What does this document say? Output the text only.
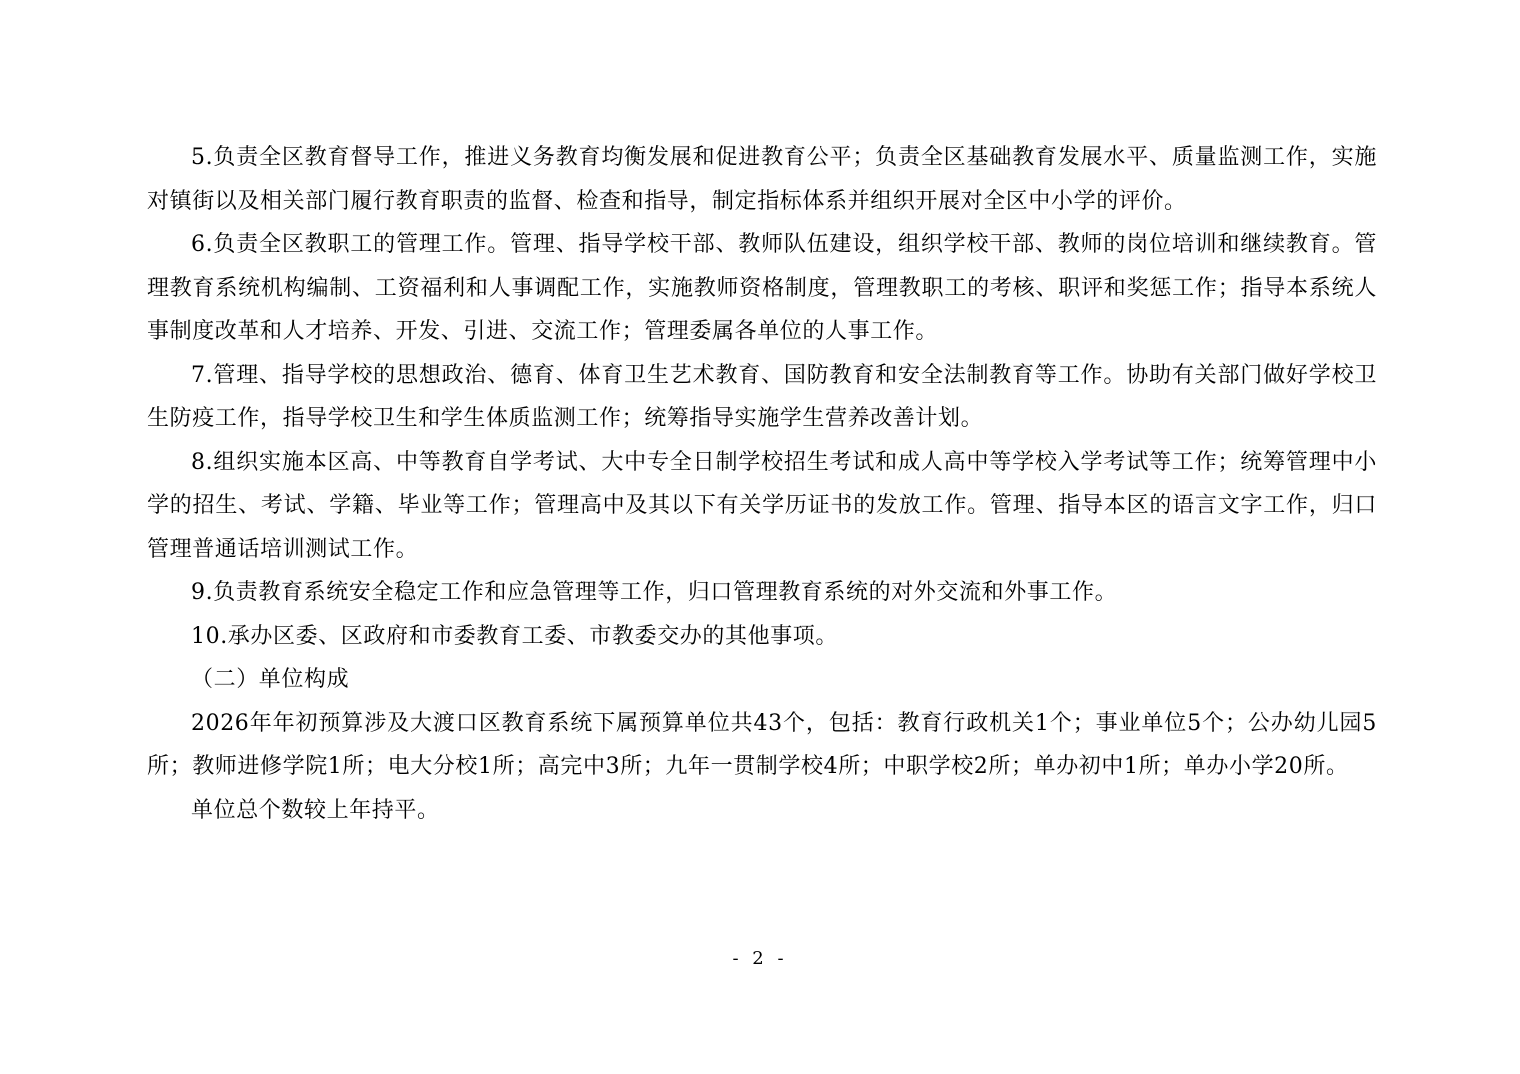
5.负责全区教育督导工作，推进义务教育均衡发展和促进教育公平；负责全区基础教育发展水平、质量监测工作，实施对镇街以及相关部门履行教育职责的监督、检查和指导，制定指标体系并组织开展对全区中小学的评价。

6.负责全区教职工的管理工作。管理、指导学校干部、教师队伍建设，组织学校干部、教师的岗位培训和继续教育。管理教育系统机构编制、工资福利和人事调配工作，实施教师资格制度，管理教职工的考核、职评和奖惩工作；指导本系统人事制度改革和人才培养、开发、引进、交流工作；管理委属各单位的人事工作。

7.管理、指导学校的思想政治、德育、体育卫生艺术教育、国防教育和安全法制教育等工作。协助有关部门做好学校卫生防疫工作，指导学校卫生和学生体质监测工作；统筹指导实施学生营养改善计划。

8.组织实施本区高、中等教育自学考试、大中专全日制学校招生考试和成人高中等学校入学考试等工作；统筹管理中小学的招生、考试、学籍、毕业等工作；管理高中及其以下有关学历证书的发放工作。管理、指导本区的语言文字工作，归口管理普通话培训测试工作。

9.负责教育系统安全稳定工作和应急管理等工作，归口管理教育系统的对外交流和外事工作。

10.承办区委、区政府和市委教育工委、市教委交办的其他事项。

（二）单位构成

2026年年初预算涉及大渡口区教育系统下属预算单位共43个，包括：教育行政机关1个；事业单位5个；公办幼儿园5所；教师进修学院1所；电大分校1所；高完中3所；九年一贯制学校4所；中职学校2所；单办初中1所；单办小学20所。

单位总个数较上年持平。

- 2 -
